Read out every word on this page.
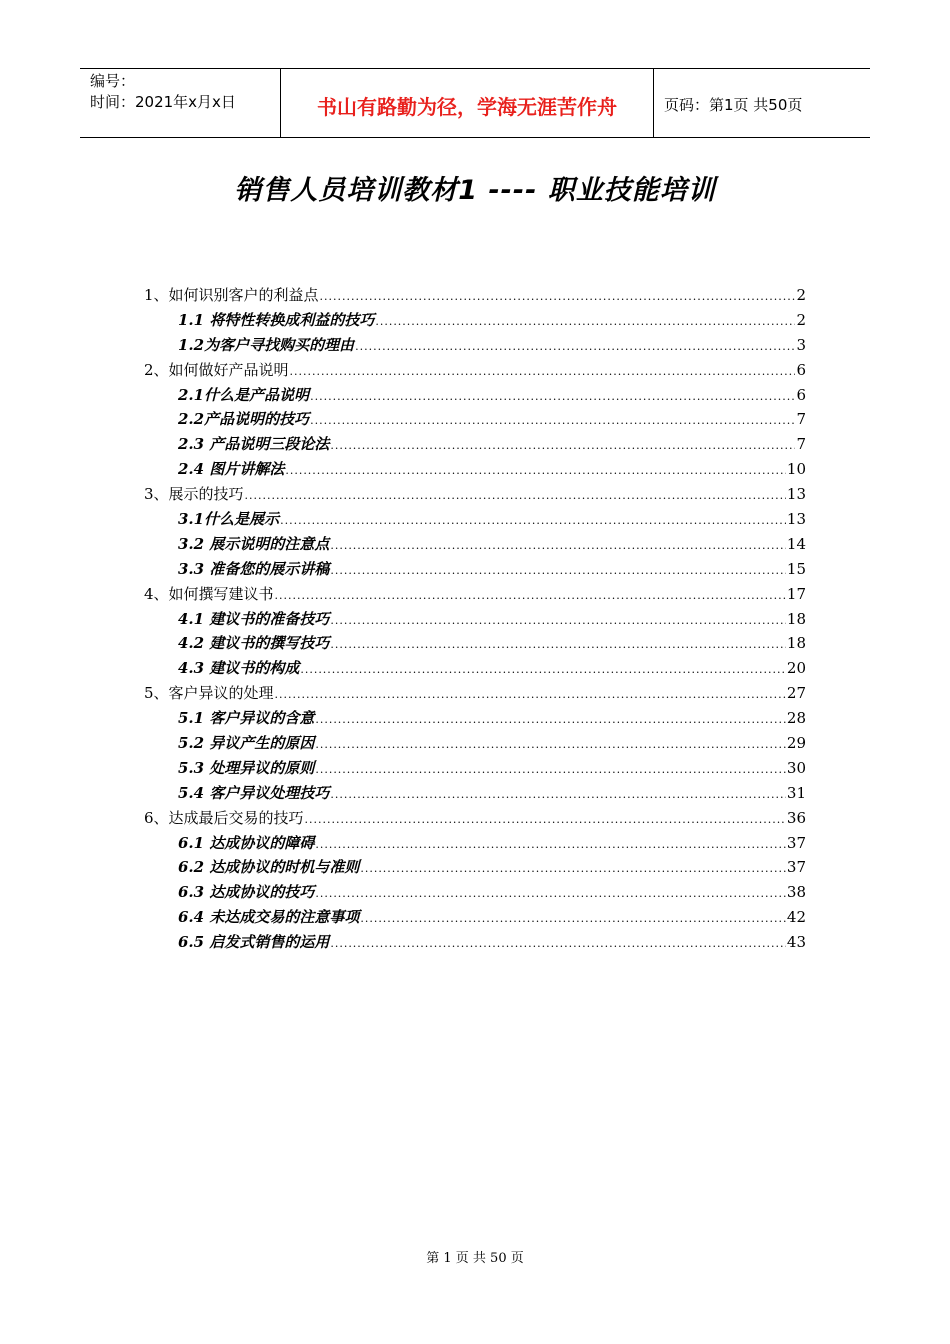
编号：
时间：2021年x月x日	书山有路勤为径，学海无涯苦作舟	页码：第1页 共50页
销售人员培训教材1 ---- 职业技能培训
1、如何识别客户的利益点 .....	2
1.1 将特性转换成利益的技巧 .....	2
1.2为客户寻找购买的理由 .....	3
2、如何做好产品说明 .....	6
2.1什么是产品说明 .....	6
2.2产品说明的技巧 .....	7
2.3 产品说明三段论法 .....	7
2.4 图片讲解法 .....	10
3、展示的技巧 .....	13
3.1什么是展示 .....	13
3.2 展示说明的注意点 .....	14
3.3 准备您的展示讲稿 .....	15
4、如何撰写建议书 .....	17
4.1 建议书的准备技巧 .....	18
4.2 建议书的撰写技巧 .....	18
4.3 建议书的构成 .....	20
5、客户异议的处理 .....	27
5.1 客户异议的含意 .....	28
5.2 异议产生的原因 .....	29
5.3 处理异议的原则 .....	30
5.4 客户异议处理技巧 .....	31
6、达成最后交易的技巧 .....	36
6.1 达成协议的障碍 .....	37
6.2 达成协议的时机与准则 .....	37
6.3 达成协议的技巧 .....	38
6.4 未达成交易的注意事项 .....	42
6.5 启发式销售的运用 .....	43
第 1 页 共 50 页
